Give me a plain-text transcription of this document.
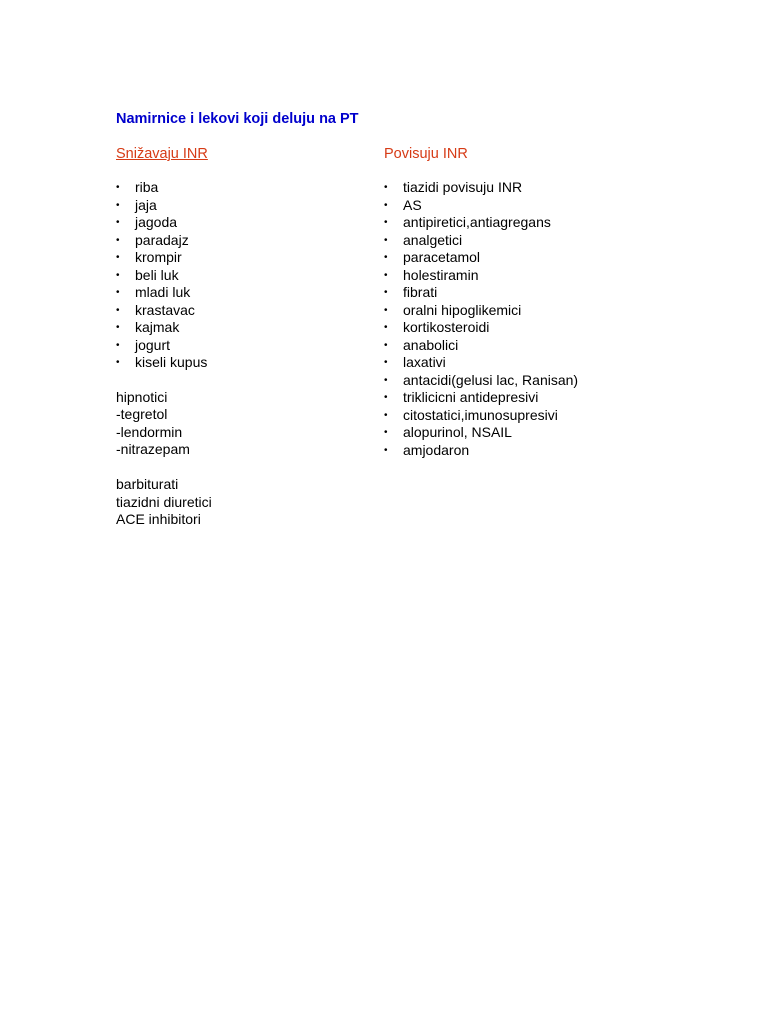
Namirnice i lekovi koji deluju na PT
Snižavaju INR
•	riba
•	jaja
•	jagoda
•	paradajz
•	krompir
•	beli luk
•	mladi luk
•	krastavac
•	kajmak
•	jogurt
•	kiseli kupus
hipnotici
-tegretol
-lendormin
-nitrazepam
barbiturati
tiazidni diuretici
ACE inhibitori
Povisuju INR
•	tiazidi povisuju INR
•	AS
•	antipiretici,antiagregans
•	analgetici
•	paracetamol
•	holestiramin
•	fibrati
•	oralni hipoglikemici
•	kortikosteroidi
•	anabolici
•	laxativi
•	antacidi(gelusi lac, Ranisan)
•	triklicicni antidepresivi
•	citostatici,imunosupresivi
•	alopurinol, NSAIL
•	amjodaron
